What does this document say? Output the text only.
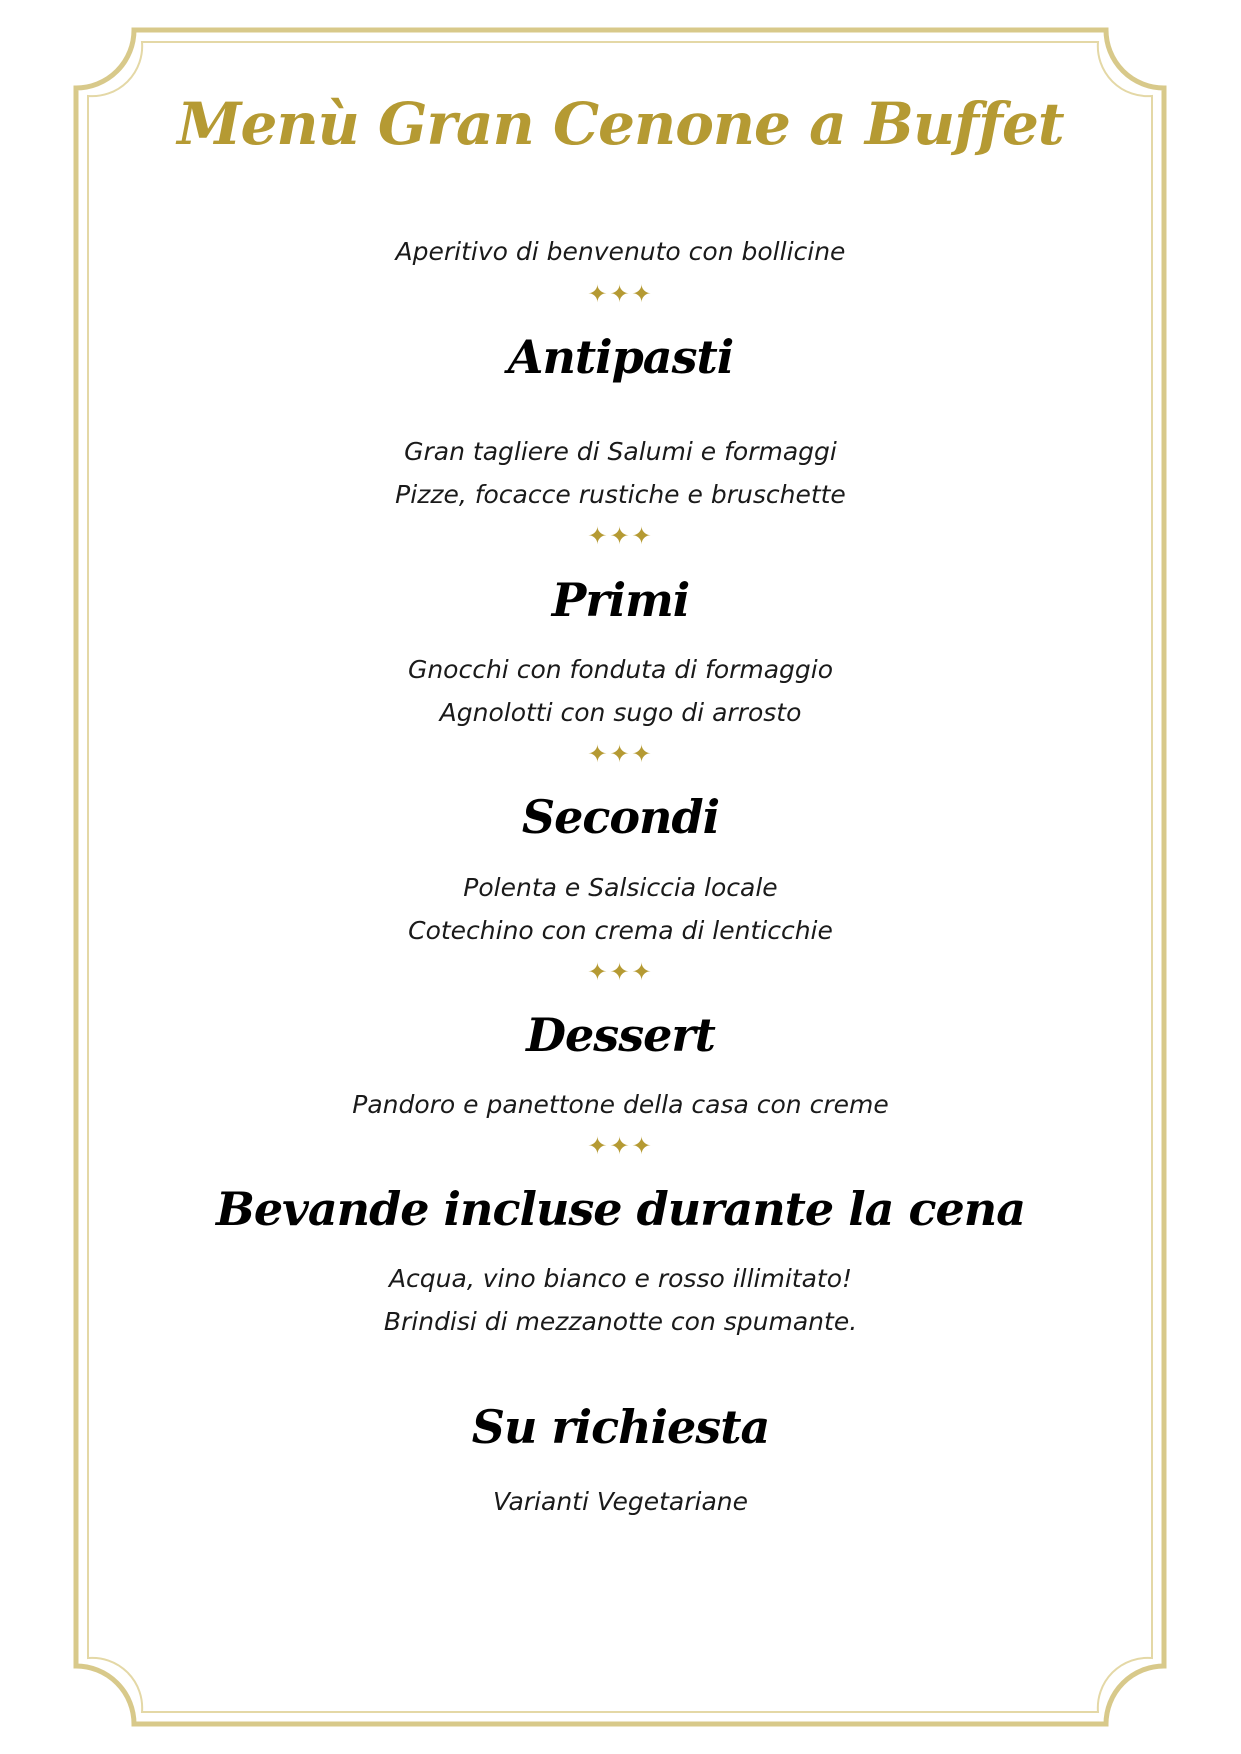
Menù Gran Cenone a Buffet
Aperitivo di benvenuto con bollicine
✦✦✦
Antipasti
Gran tagliere di Salumi e formaggi
Pizze, focacce rustiche e bruschette
✦✦✦
Primi
Gnocchi con fonduta di formaggio
Agnolotti con sugo di arrosto
✦✦✦
Secondi
Polenta e Salsiccia locale
Cotechino con crema di lenticchie
✦✦✦
Dessert
Pandoro e panettone della casa con creme
✦✦✦
Bevande incluse durante la cena
Acqua, vino bianco e rosso illimitato!
Brindisi di mezzanotte con spumante.
Su richiesta
Varianti Vegetariane
